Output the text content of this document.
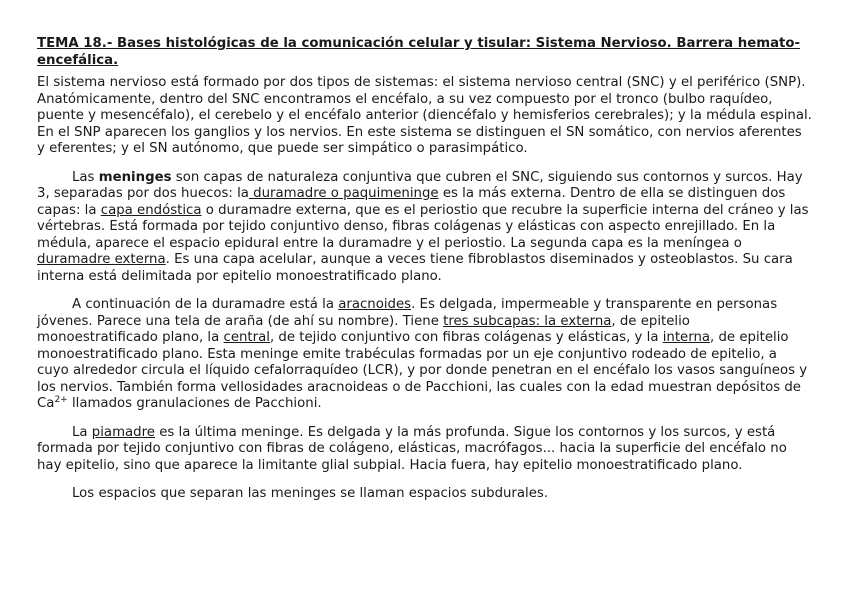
TEMA 18.- Bases histológicas de la comunicación celular y tisular: Sistema Nervioso. Barrera hemato-encefálica.

El sistema nervioso está formado por dos tipos de sistemas: el sistema nervioso central (SNC) y el periférico (SNP). Anatómicamente, dentro del SNC encontramos el encéfalo, a su vez compuesto por el tronco (bulbo raquídeo, puente y mesencéfalo), el cerebelo y el encéfalo anterior (diencéfalo y hemisferios cerebrales); y la médula espinal. En el SNP aparecen los ganglios y los nervios. En este sistema se distinguen el SN somático, con nervios aferentes y eferentes; y el SN autónomo, que puede ser simpático o parasimpático.

Las meninges son capas de naturaleza conjuntiva que cubren el SNC, siguiendo sus contornos y surcos. Hay 3, separadas por dos huecos: la duramadre o paquimeninge es la más externa. Dentro de ella se distinguen dos capas: la capa endóstica o duramadre externa, que es el periostio que recubre la superficie interna del cráneo y las vértebras. Está formada por tejido conjuntivo denso, fibras colágenas y elásticas con aspecto enrejillado. En la médula, aparece el espacio epidural entre la duramadre y el periostio. La segunda capa es la meníngea o duramadre externa. Es una capa acelular, aunque a veces tiene fibroblastos diseminados y osteoblastos. Su cara interna está delimitada por epitelio monoestratificado plano.

A continuación de la duramadre está la aracnoides. Es delgada, impermeable y transparente en personas jóvenes. Parece una tela de araña (de ahí su nombre). Tiene tres subcapas: la externa, de epitelio monoestratificado plano, la central, de tejido conjuntivo con fibras colágenas y elásticas, y la interna, de epitelio monoestratificado plano. Esta meninge emite trabéculas formadas por un eje conjuntivo rodeado de epitelio, a cuyo alrededor circula el líquido cefalorraquídeo (LCR), y por donde penetran en el encéfalo los vasos sanguíneos y los nervios. También forma vellosidades aracnoideas o de Pacchioni, las cuales con la edad muestran depósitos de $Ca^{2+}$ llamados granulaciones de Pacchioni.

La piamadre es la última meninge. Es delgada y la más profunda. Sigue los contornos y los surcos, y está formada por tejido conjuntivo con fibras de colágeno, elásticas, macrófagos... hacia la superficie del encéfalo no hay epitelio, sino que aparece la limitante glial subpial. Hacia fuera, hay epitelio monoestratificado plano.

Los espacios que separan las meninges se llaman espacios subdurales.
